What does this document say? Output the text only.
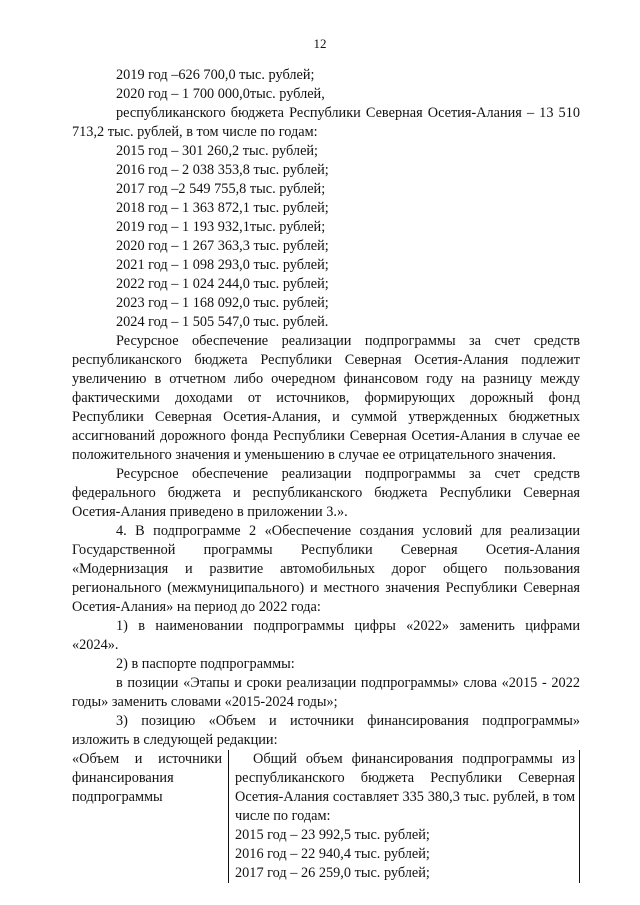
12
2019 год –626 700,0 тыс. рублей;
2020 год – 1 700 000,0тыс. рублей,
республиканского бюджета Республики Северная Осетия-Алания – 13 510 713,2 тыс. рублей, в том числе по годам:
2015 год – 301 260,2 тыс. рублей;
2016 год – 2 038 353,8 тыс. рублей;
2017 год –2 549 755,8 тыс. рублей;
2018 год – 1 363 872,1 тыс. рублей;
2019 год – 1 193 932,1тыс. рублей;
2020 год – 1 267 363,3 тыс. рублей;
2021 год – 1 098 293,0 тыс. рублей;
2022 год – 1 024 244,0 тыс. рублей;
2023 год – 1 168 092,0 тыс. рублей;
2024 год – 1 505 547,0 тыс. рублей.
Ресурсное обеспечение реализации подпрограммы за счет средств республиканского бюджета Республики Северная Осетия-Алания подлежит увеличению в отчетном либо очередном финансовом году на разницу между фактическими доходами от источников, формирующих дорожный фонд Республики Северная Осетия-Алания, и суммой утвержденных бюджетных ассигнований дорожного фонда Республики Северная Осетия-Алания в случае ее положительного значения и уменьшению в случае ее отрицательного значения.
Ресурсное обеспечение реализации подпрограммы за счет средств федерального бюджета и республиканского бюджета Республики Северная Осетия-Алания приведено в приложении 3.».
4. В подпрограмме 2 «Обеспечение создания условий для реализации Государственной программы Республики Северная Осетия-Алания «Модернизация и развитие автомобильных дорог общего пользования регионального (межмуниципального) и местного значения Республики Северная Осетия-Алания» на период до 2022 года:
1) в наименовании подпрограммы цифры «2022» заменить цифрами «2024».
2) в паспорте подпрограммы:
в позиции «Этапы и сроки реализации подпрограммы» слова «2015 - 2022 годы» заменить словами «2015-2024 годы»;
3) позицию «Объем и источники финансирования подпрограммы» изложить в следующей редакции:
«Объем и источники финансирования подпрограммы
Общий объем финансирования подпрограммы из республиканского бюджета Республики Северная Осетия-Алания составляет 335 380,3 тыс. рублей, в том числе по годам:
2015 год – 23 992,5 тыс. рублей;
2016 год – 22 940,4 тыс. рублей;
2017 год – 26 259,0 тыс. рублей;
